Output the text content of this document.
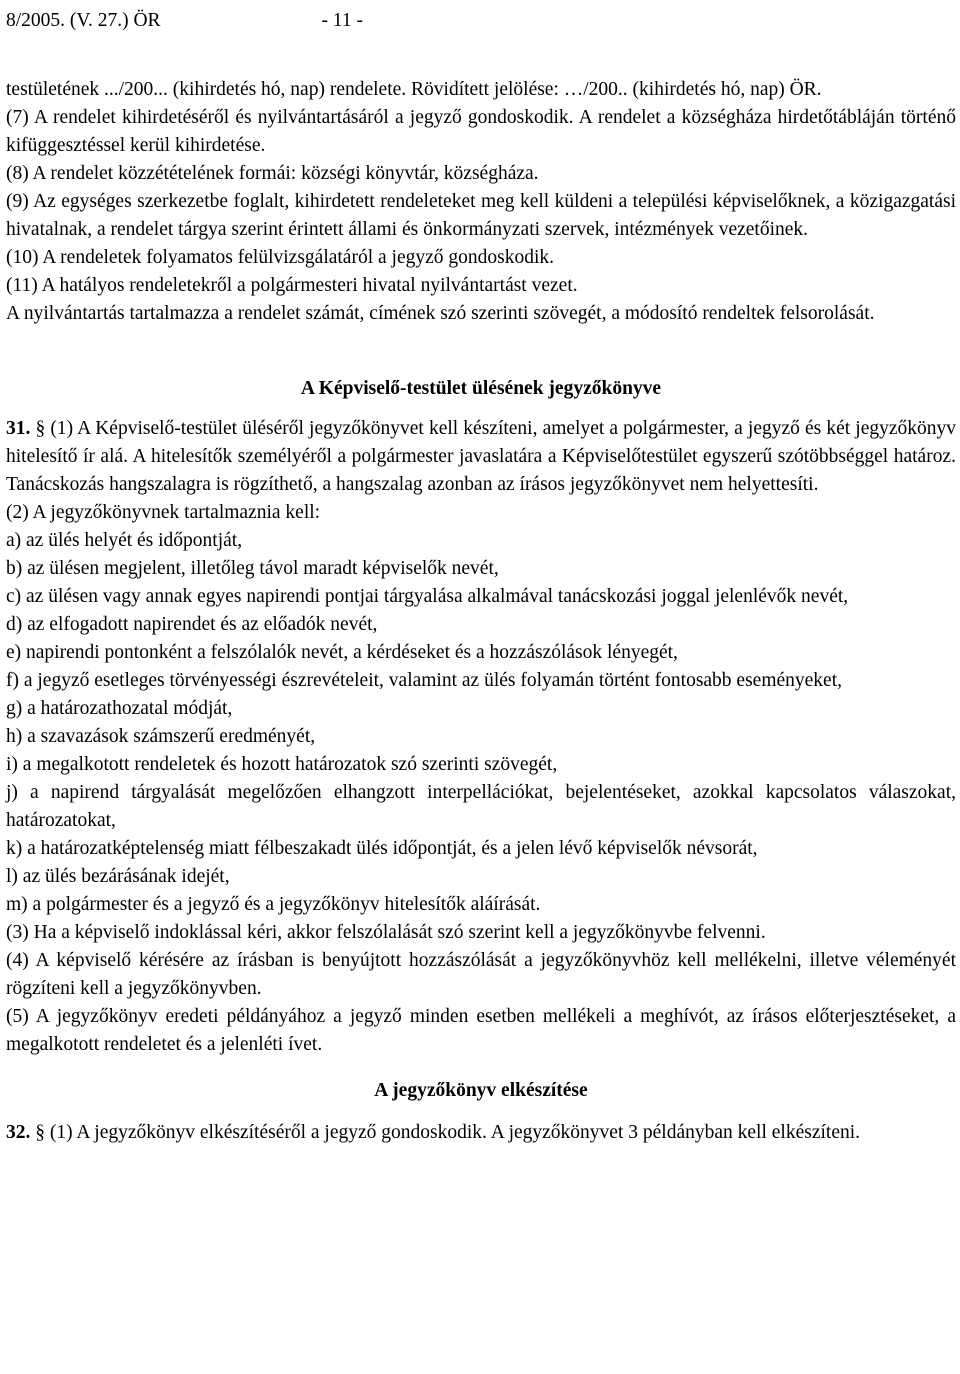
8/2005. (V. 27.) ÖR	- 11 -

testületének .../200... (kihirdetés hó, nap) rendelete. Rövidített jelölése: …/200.. (kihirdetés hó, nap) ÖR.

(7) A rendelet kihirdetéséről és nyilvántartásáról a jegyző gondoskodik. A rendelet a községháza hirdetőtábláján történő kifüggesztéssel kerül kihirdetése.

(8) A rendelet közzétételének formái: községi könyvtár, községháza.

(9) Az egységes szerkezetbe foglalt, kihirdetett rendeleteket meg kell küldeni a települési képviselőknek, a közigazgatási hivatalnak, a rendelet tárgya szerint érintett állami és önkormányzati szervek, intézmények vezetőinek.

(10) A rendeletek folyamatos felülvizsgálatáról a jegyző gondoskodik.

(11) A hatályos rendeletekről a polgármesteri hivatal nyilvántartást vezet.

A nyilvántartás tartalmazza a rendelet számát, címének szó szerinti szövegét, a módosító rendeltek felsorolását.

A Képviselő-testület ülésének jegyzőkönyve

31. § (1) A Képviselő-testület üléséről jegyzőkönyvet kell készíteni, amelyet a polgármester, a jegyző és két jegyzőkönyv hitelesítő ír alá. A hitelesítők személyéről a polgármester javaslatára a Képviselőtestület egyszerű szótöbbséggel határoz. Tanácskozás hangszalagra is rögzíthető, a hangszalag azonban az írásos jegyzőkönyvet nem helyettesíti.

(2) A jegyzőkönyvnek tartalmaznia kell:

a) az ülés helyét és időpontját,

b) az ülésen megjelent, illetőleg távol maradt képviselők nevét,

c) az ülésen vagy annak egyes napirendi pontjai tárgyalása alkalmával tanácskozási joggal jelenlévők nevét,

d) az elfogadott napirendet és az előadók nevét,

e) napirendi pontonként a felszólalók nevét, a kérdéseket és a hozzászólások lényegét,

f) a jegyző esetleges törvényességi észrevételeit, valamint az ülés folyamán történt fontosabb eseményeket,

g) a határozathozatal módját,

h) a szavazások számszerű eredményét,

i) a megalkotott rendeletek és hozott határozatok szó szerinti szövegét,

j) a napirend tárgyalását megelőzően elhangzott interpellációkat, bejelentéseket, azokkal kapcsolatos válaszokat, határozatokat,

k) a határozatképtelenség miatt félbeszakadt ülés időpontját, és a jelen lévő képviselők névsorát,

l) az ülés bezárásának idejét,

m) a polgármester és a jegyző és a jegyzőkönyv hitelesítők aláírását.

(3) Ha a képviselő indoklással kéri, akkor felszólalását szó szerint kell a jegyzőkönyvbe felvenni.

(4) A képviselő kérésére az írásban is benyújtott hozzászólását a jegyzőkönyvhöz kell mellékelni, illetve véleményét rögzíteni kell a jegyzőkönyvben.

(5) A jegyzőkönyv eredeti példányához a jegyző minden esetben mellékeli a meghívót, az írásos előterjesztéseket, a megalkotott rendeletet és a jelenléti ívet.

A jegyzőkönyv elkészítése

32. § (1) A jegyzőkönyv elkészítéséről a jegyző gondoskodik. A jegyzőkönyvet 3 példányban kell elkészíteni.
